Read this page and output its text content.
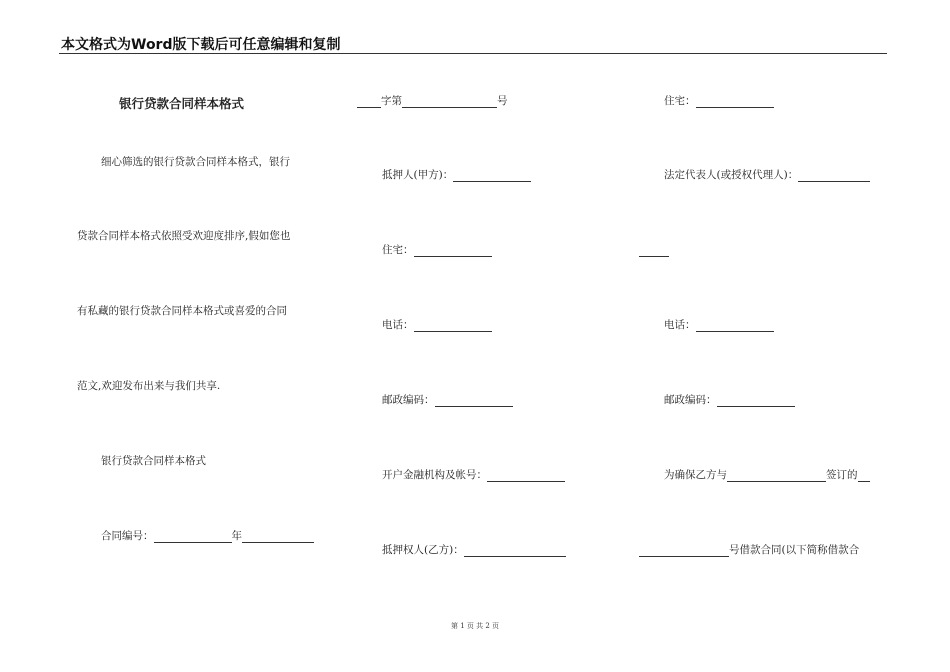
本文格式为Word版下载后可任意编辑和复制
银行贷款合同样本格式
细心筛选的银行贷款合同样本格式，银行
贷款合同样本格式依照受欢迎度排序,假如您也
有私藏的银行贷款合同样本格式或喜爱的合同
范文,欢迎发布出来与我们共享.
银行贷款合同样本格式
合同编号：	年
字第	号
抵押人(甲方)：
住宅：
电话：
邮政编码：
开户金融机构及帐号：
抵押权人(乙方)：
住宅：
法定代表人(或授权代理人)：
电话：
邮政编码：
为确保乙方与	签订的
号借款合同(以下简称借款合
第 1 页 共 2 页
